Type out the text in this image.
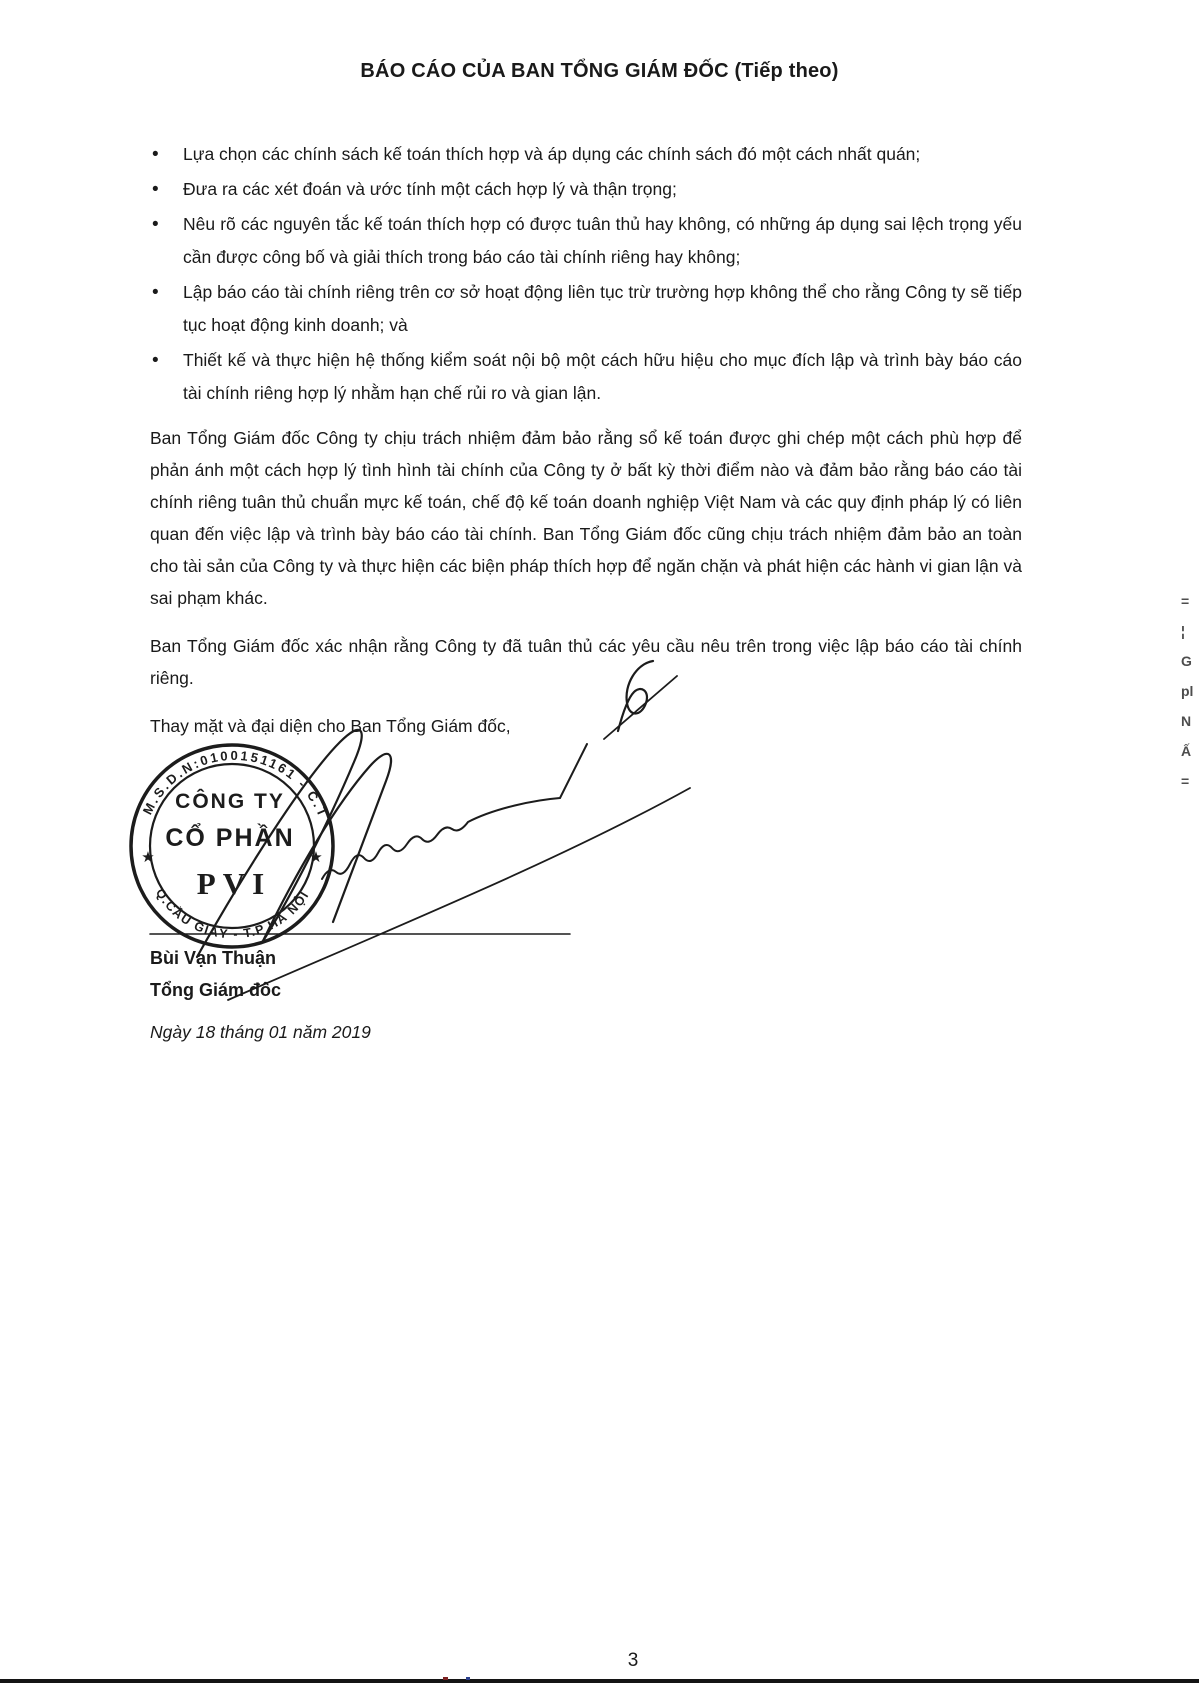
BÁO CÁO CỦA BAN TỔNG GIÁM ĐỐC (Tiếp theo)
• Lựa chọn các chính sách kế toán thích hợp và áp dụng các chính sách đó một cách nhất quán;
• Đưa ra các xét đoán và ước tính một cách hợp lý và thận trọng;
• Nêu rõ các nguyên tắc kế toán thích hợp có được tuân thủ hay không, có những áp dụng sai lệch trọng yếu cần được công bố và giải thích trong báo cáo tài chính riêng hay không;
• Lập báo cáo tài chính riêng trên cơ sở hoạt động liên tục trừ trường hợp không thể cho rằng Công ty sẽ tiếp tục hoạt động kinh doanh; và
• Thiết kế và thực hiện hệ thống kiểm soát nội bộ một cách hữu hiệu cho mục đích lập và trình bày báo cáo tài chính riêng hợp lý nhằm hạn chế rủi ro và gian lận.

Ban Tổng Giám đốc Công ty chịu trách nhiệm đảm bảo rằng sổ kế toán được ghi chép một cách phù hợp để phản ánh một cách hợp lý tình hình tài chính của Công ty ở bất kỳ thời điểm nào và đảm bảo rằng báo cáo tài chính riêng tuân thủ chuẩn mực kế toán, chế độ kế toán doanh nghiệp Việt Nam và các quy định pháp lý có liên quan đến việc lập và trình bày báo cáo tài chính. Ban Tổng Giám đốc cũng chịu trách nhiệm đảm bảo an toàn cho tài sản của Công ty và thực hiện các biện pháp thích hợp để ngăn chặn và phát hiện các hành vi gian lận và sai phạm khác.

Ban Tổng Giám đốc xác nhận rằng Công ty đã tuân thủ các yêu cầu nêu trên trong việc lập báo cáo tài chính riêng.

Thay mặt và đại diện cho Ban Tổng Giám đốc,

M.S.D.N:0100151161 - C.T
Q.CẦU GIẤY - T.P HÀ NỘI
★	★
CÔNG TY
CỔ PHẦN
PVI

Bùi Vạn Thuận

Tổng Giám đốc

Ngày 18 tháng 01 năm 2019

=
¦
G
pl
N
Ấ
=
3
